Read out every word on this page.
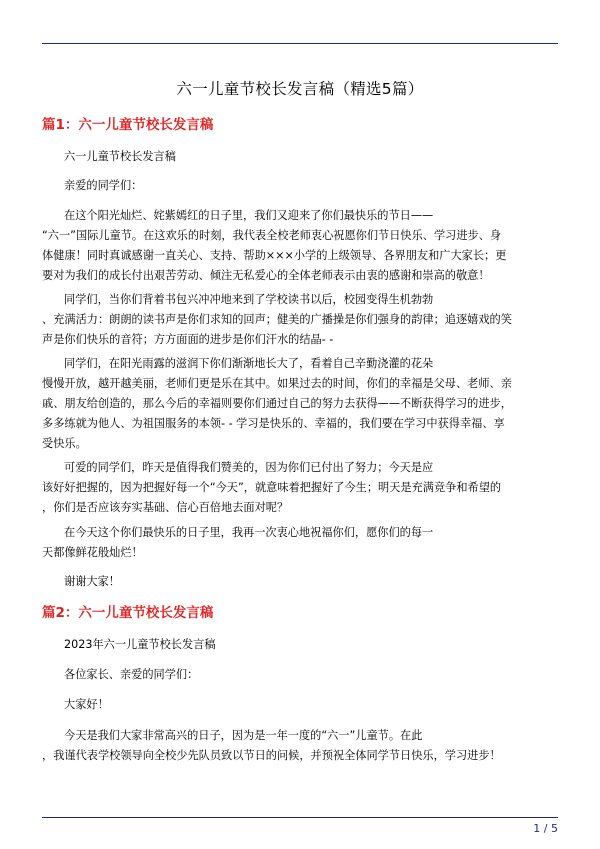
六一儿童节校长发言稿（精选5篇）
篇1：六一儿童节校长发言稿

六一儿童节校长发言稿

亲爱的同学们：

在这个阳光灿烂、姹紫嫣红的日子里，我们又迎来了你们最快乐的节日——
“六一”国际儿童节。在这欢乐的时刻，我代表全校老师衷心祝愿你们节日快乐、学习进步、身
体健康！同时真诚感谢一直关心、支持、帮助×××小学的上级领导、各界朋友和广大家长；更
要对为我们的成长付出艰苦劳动、倾注无私爱心的全体老师表示由衷的感谢和崇高的敬意！
同学们，当你们背着书包兴冲冲地来到了学校读书以后，校园变得生机勃勃
、充满活力：朗朗的读书声是你们求知的回声；健美的广播操是你们强身的韵律；追逐嬉戏的笑
声是你们快乐的音符；方方面面的进步是你们汗水的结晶- -
同学们，在阳光雨露的滋润下你们渐渐地长大了，看着自己辛勤浇灌的花朵
慢慢开放，越开越美丽，老师们更是乐在其中。如果过去的时间，你们的幸福是父母、老师、亲
戚、朋友给创造的，那么今后的幸福则要你们通过自己的努力去获得——不断获得学习的进步，
多多练就为他人、为祖国服务的本领- - 学习是快乐的、幸福的，我们要在学习中获得幸福、享
受快乐。
可爱的同学们，昨天是值得我们赞美的，因为你们已付出了努力；今天是应
该好好把握的，因为把握好每一个“今天”，就意味着把握好了今生；明天是充满竞争和希望的
，你们是否应该夯实基础、信心百倍地去面对呢？
在今天这个你们最快乐的日子里，我再一次衷心地祝福你们，愿你们的每一
天都像鲜花般灿烂！

谢谢大家！

篇2：六一儿童节校长发言稿

2023年六一儿童节校长发言稿

各位家长、亲爱的同学们：

大家好！

今天是我们大家非常高兴的日子，因为是一年一度的“六一”儿童节。在此
，我谨代表学校领导向全校少先队员致以节日的问候，并预祝全体同学节日快乐，学习进步！
1 / 5
